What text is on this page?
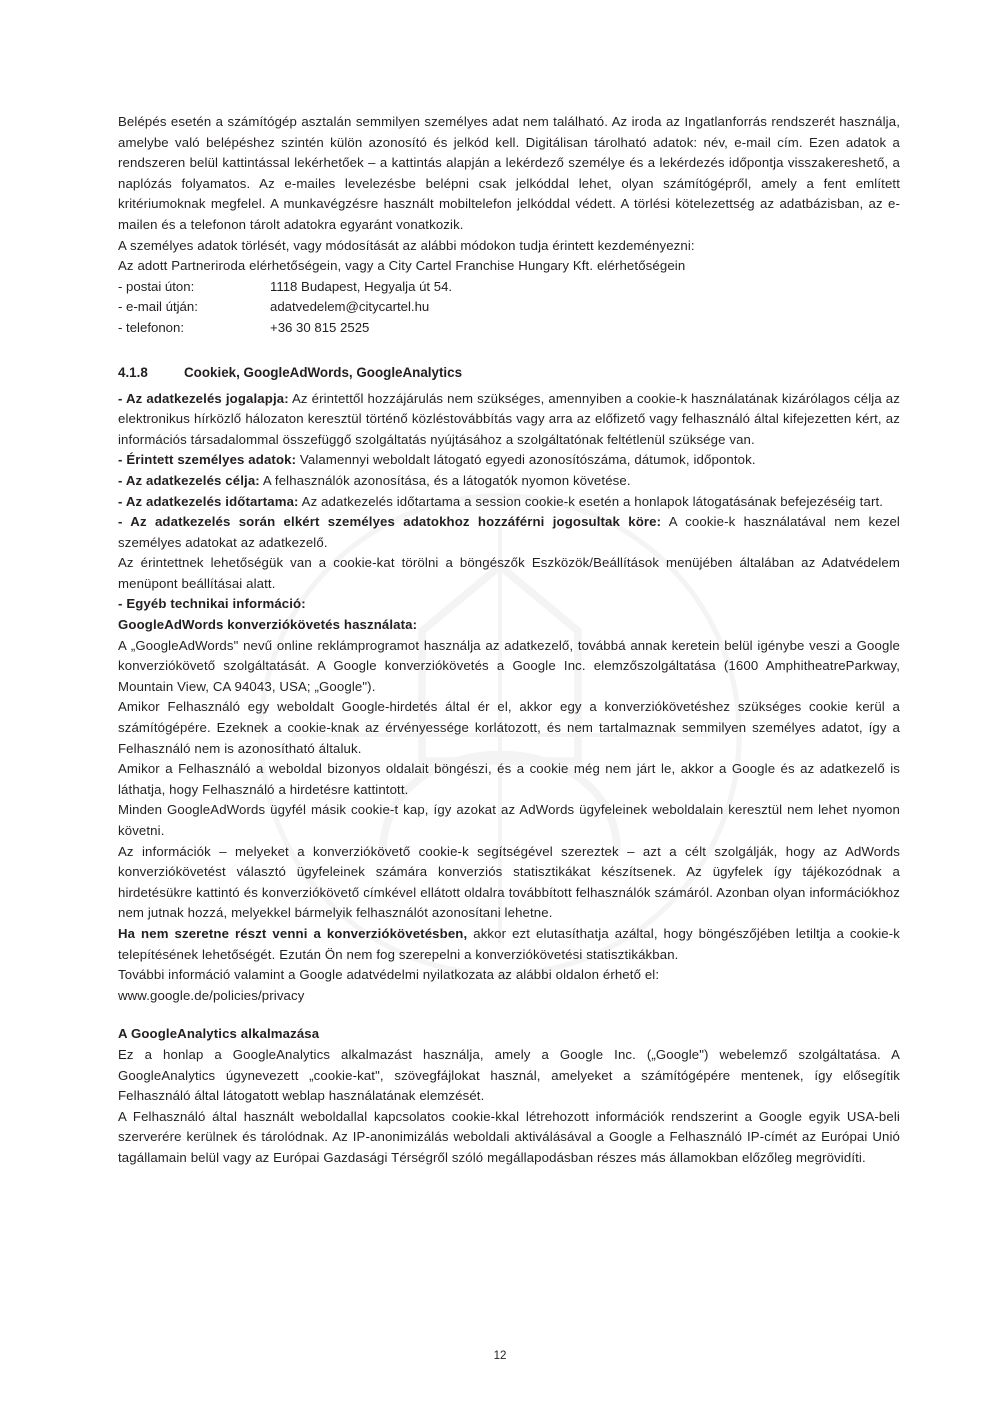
Belépés esetén a számítógép asztalán semmilyen személyes adat nem található. Az iroda az Ingatlanforrás rendszerét használja, amelybe való belépéshez szintén külön azonosító és jelkód kell. Digitálisan tárolható adatok: név, e-mail cím. Ezen adatok a rendszeren belül kattintással lekérhetőek – a kattintás alapján a lekérdező személye és a lekérdezés időpontja visszakereshető, a naplózás folyamatos. Az e-mailes levelezésbe belépni csak jelkóddal lehet, olyan számítógépről, amely a fent említett kritériumoknak megfelel. A munkavégzésre használt mobiltelefon jelkóddal védett. A törlési kötelezettség az adatbázisban, az e-mailen és a telefonon tárolt adatokra egyaránt vonatkozik.

A személyes adatok törlését, vagy módosítását az alábbi módokon tudja érintett kezdeményezni:

Az adott Partneriroda elérhetőségein, vagy a City Cartel Franchise Hungary Kft. elérhetőségein

- postai úton:	1118 Budapest, Hegyalja út 54.
- e-mail útján:	adatvedelem@citycartel.hu
- telefonon:	+36 30 815 2525
4.1.8	Cookiek, GoogleAdWords, GoogleAnalytics

- Az adatkezelés jogalapja: Az érintettől hozzájárulás nem szükséges, amennyiben a cookie-k használatának kizárólagos célja az elektronikus hírközlő hálozaton keresztül történő közléstovábbítás vagy arra az előfizető vagy felhasználó által kifejezetten kért, az információs társadalommal összefüggő szolgáltatás nyújtásához a szolgáltatónak feltétlenül szüksége van.

- Érintett személyes adatok: Valamennyi weboldalt látogató egyedi azonosítószáma, dátumok, időpontok.

- Az adatkezelés célja: A felhasználók azonosítása, és a látogatók nyomon követése.

- Az adatkezelés időtartama: Az adatkezelés időtartama a session cookie-k esetén a honlapok látogatásának befejezéséig tart.

- Az adatkezelés során elkért személyes adatokhoz hozzáférni jogosultak köre: A cookie-k használatával nem kezel személyes adatokat az adatkezelő.

Az érintettnek lehetőségük van a cookie-kat törölni a böngészők Eszközök/Beállítások menüjében általában az Adatvédelem menüpont beállításai alatt.

- Egyéb technikai információ:

GoogleAdWords konverziókövetés használata:

A „GoogleAdWords" nevű online reklámprogramot használja az adatkezelő, továbbá annak keretein belül igénybe veszi a Google konverziókövető szolgáltatását. A Google konverziókövetés a Google Inc. elemzőszolgáltatása (1600 AmphitheatreParkway, Mountain View, CA 94043, USA; „Google").

Amikor Felhasználó egy weboldalt Google-hirdetés által ér el, akkor egy a konverziókövetéshez szükséges cookie kerül a számítógépére. Ezeknek a cookie-knak az érvényessége korlátozott, és nem tartalmaznak semmilyen személyes adatot, így a Felhasználó nem is azonosítható általuk.

Amikor a Felhasználó a weboldal bizonyos oldalait böngészi, és a cookie még nem járt le, akkor a Google és az adatkezelő is láthatja, hogy Felhasználó a hirdetésre kattintott.

Minden GoogleAdWords ügyfél másik cookie-t kap, így azokat az AdWords ügyfeleinek weboldalain keresztül nem lehet nyomon követni.

Az információk – melyeket a konverziókövető cookie-k segítségével szereztek – azt a célt szolgálják, hogy az AdWords konverziókövetést választó ügyfeleinek számára konverziós statisztikákat készítsenek. Az ügyfelek így tájékozódnak a hirdetésükre kattintó és konverziókövető címkével ellátott oldalra továbbított felhasználók számáról. Azonban olyan információkhoz nem jutnak hozzá, melyekkel bármelyik felhasználót azonosítani lehetne.

Ha nem szeretne részt venni a konverziókövetésben, akkor ezt elutasíthatja azáltal, hogy böngészőjében letiltja a cookie-k telepítésének lehetőségét. Ezután Ön nem fog szerepelni a konverziókövetési statisztikákban.

További információ valamint a Google adatvédelmi nyilatkozata az alábbi oldalon érhető el:

www.google.de/policies/privacy

A GoogleAnalytics alkalmazása

Ez a honlap a GoogleAnalytics alkalmazást használja, amely a Google Inc. („Google") webelemző szolgáltatása. A GoogleAnalytics úgynevezett „cookie-kat", szövegfájlokat használ, amelyeket a számítógépére mentenek, így elősegítik Felhasználó által látogatott weblap használatának elemzését.

A Felhasználó által használt weboldallal kapcsolatos cookie-kkal létrehozott információk rendszerint a Google egyik USA-beli szerverére kerülnek és tárolódnak. Az IP-anonimizálás weboldali aktiválásával a Google a Felhasználó IP-címét az Európai Unió tagállamain belül vagy az Európai Gazdasági Térségről szóló megállapodásban részes más államokban előzőleg megrövidíti.

12
